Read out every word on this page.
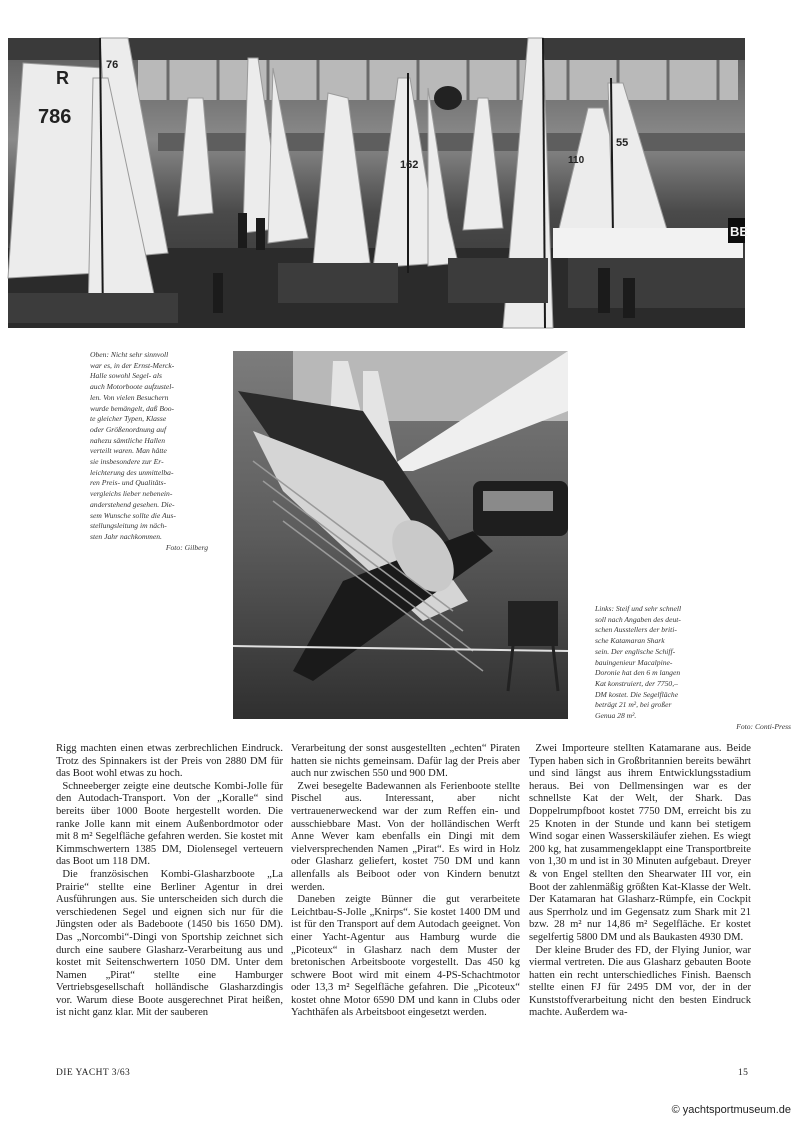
R
786
76
162	110
55
BE
Oben: Nicht sehr sinnvoll
war es, in der Ernst-Merck-
Halle sowohl Segel- als
auch Motorboote aufzustel-
len. Von vielen Besuchern
wurde bemängelt, daß Boo-
te gleicher Typen, Klasse
oder Größenordnung auf
nahezu sämtliche Hallen
verteilt waren. Man hätte
sie insbesondere zur Er-
leichterung des unmittelba-
ren Preis- und Qualitäts-
vergleichs lieber nebenein-
anderstehend gesehen. Die-
sem Wunsche sollte die Aus-
stellungsleitung im näch-
sten Jahr nachkommen.
Foto: Gilberg
Links: Steif und sehr schnell
soll nach Angaben des deut-
schen Ausstellers der briti-
sche Katamaran Shark
sein. Der englische Schiff-
bauingenieur Macalpine-
Doronie hat den 6 m langen
Kat konstruiert, der 7750,–
DM kostet. Die Segelfläche
beträgt 21 m², bei großer
Genua 28 m².
Foto: Conti-Press

Rigg machten einen etwas zerbrechlichen Eindruck. Trotz des Spinnakers ist der Preis von 2880 DM für das Boot wohl etwas zu hoch.

Schneeberger zeigte eine deutsche Kombi-Jolle für den Autodach-Transport. Von der „Koralle“ sind bereits über 1000 Boote hergestellt worden. Die ranke Jolle kann mit einem Außenbordmotor oder mit 8 m² Segelfläche gefahren werden. Sie kostet mit Kimmschwertern 1385 DM, Diolensegel verteuern das Boot um 118 DM.

Die französischen Kombi-Glasharzboote „La Prairie“ stellte eine Berliner Agentur in drei Ausführungen aus. Sie unterscheiden sich durch die verschiedenen Segel und eignen sich nur für die Jüngsten oder als Badeboote (1450 bis 1650 DM). Das „Norcombi“-Dingi von Sportship zeichnet sich durch eine saubere Glasharz-Verarbeitung aus und kostet mit Seitenschwertern 1050 DM. Unter dem Namen „Pirat“ stellte eine Hamburger Vertriebsgesellschaft holländische Glasharzdingis vor. Warum diese Boote ausgerechnet Pirat heißen, ist nicht ganz klar. Mit der sauberen

Verarbeitung der sonst ausgestellten „echten“ Piraten hatten sie nichts gemeinsam. Dafür lag der Preis aber auch nur zwischen 550 und 900 DM.

Zwei besegelte Badewannen als Ferienboote stellte Pischel aus. Interessant, aber nicht vertrauenerweckend war der zum Reffen ein- und ausschiebbare Mast. Von der holländischen Werft Anne Wever kam ebenfalls ein Dingi mit dem vielversprechenden Namen „Pirat“. Es wird in Holz oder Glasharz geliefert, kostet 750 DM und kann allenfalls als Beiboot oder von Kindern benutzt werden.

Daneben zeigte Bünner die gut verarbeitete Leichtbau-S-Jolle „Knirps“. Sie kostet 1400 DM und ist für den Transport auf dem Autodach geeignet. Von einer Yacht-Agentur aus Hamburg wurde die „Picoteux“ in Glasharz nach dem Muster der bretonischen Arbeitsboote vorgestellt. Das 450 kg schwere Boot wird mit einem 4-PS-Schachtmotor oder 13,3 m² Segelfläche gefahren. Die „Picoteux“ kostet ohne Motor 6590 DM und kann in Clubs oder Yachthäfen als Arbeitsboot eingesetzt werden.

Zwei Importeure stellten Katamarane aus. Beide Typen haben sich in Großbritannien bereits bewährt und sind längst aus ihrem Entwicklungsstadium heraus. Bei von Dellmensingen war es der schnellste Kat der Welt, der Shark. Das Doppelrumpfboot kostet 7750 DM, erreicht bis zu 25 Knoten in der Stunde und kann bei stetigem Wind sogar einen Wasserskiläufer ziehen. Es wiegt 200 kg, hat zusammengeklappt eine Transportbreite von 1,30 m und ist in 30 Minuten aufgebaut. Dreyer & von Engel stellten den Shearwater III vor, ein Boot der zahlenmäßig größten Kat-Klasse der Welt. Der Katamaran hat Glasharz-Rümpfe, ein Cockpit aus Sperrholz und im Gegensatz zum Shark mit 21 bzw. 28 m² nur 14,86 m² Segelfläche. Er kostet segelfertig 5800 DM und als Baukasten 4930 DM.

Der kleine Bruder des FD, der Flying Junior, war viermal vertreten. Die aus Glasharz gebauten Boote hatten ein recht unterschiedliches Finish. Baensch stellte einen FJ für 2495 DM vor, der in der Kunststoffverarbeitung nicht den besten Eindruck machte. Außerdem wa-

DIE YACHT 3/63	15
© yachtsportmuseum.de
